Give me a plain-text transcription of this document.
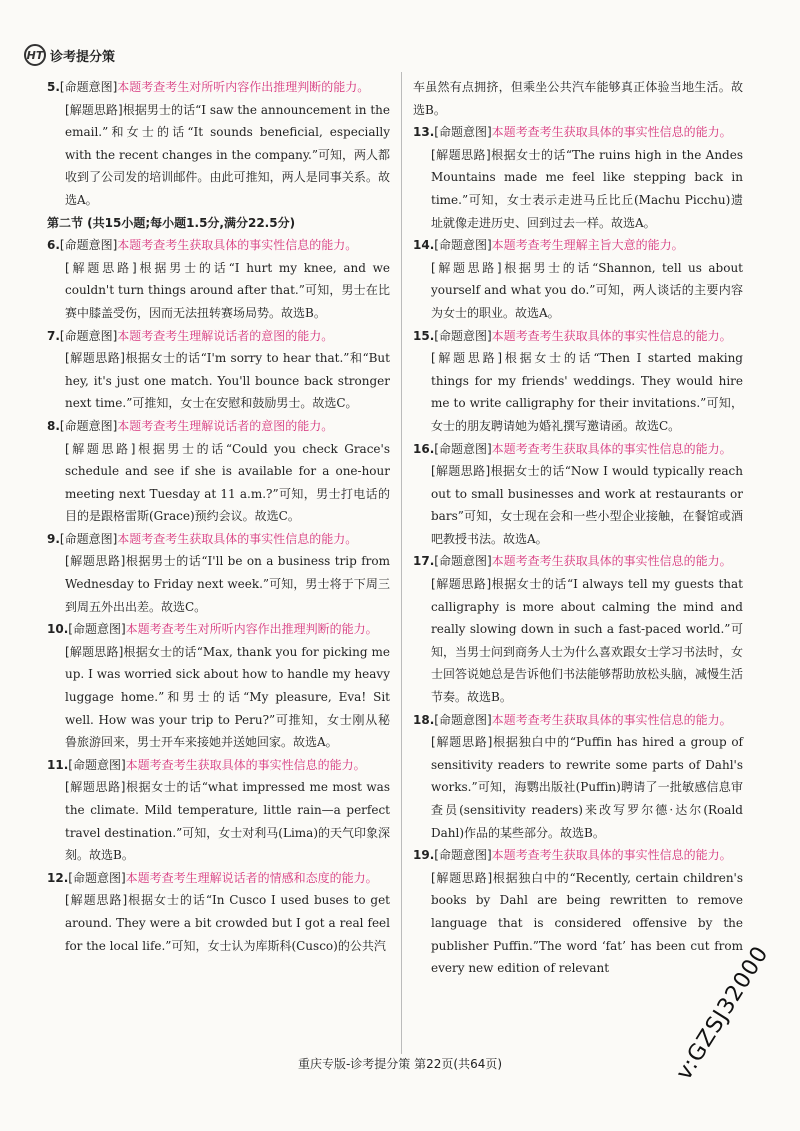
HT 诊考提分策

5.[命题意图]本题考查考生对所听内容作出推理判断的能力。

[解题思路]根据男士的话“I saw the announcement in the email.”和女士的话“It sounds beneficial, especially with the recent changes in the company.”可知，两人都收到了公司发的培训邮件。由此可推知，两人是同事关系。故选A。

第二节 (共15小题;每小题1.5分,满分22.5分)

6.[命题意图]本题考查考生获取具体的事实性信息的能力。

[解题思路]根据男士的话“I hurt my knee, and we couldn't turn things around after that.”可知，男士在比赛中膝盖受伤，因而无法扭转赛场局势。故选B。

7.[命题意图]本题考查考生理解说话者的意图的能力。

[解题思路]根据女士的话“I'm sorry to hear that.”和“But hey, it's just one match. You'll bounce back stronger next time.”可推知，女士在安慰和鼓励男士。故选C。

8.[命题意图]本题考查考生理解说话者的意图的能力。

[解题思路]根据男士的话“Could you check Grace's schedule and see if she is available for a one-hour meeting next Tuesday at 11 a.m.?”可知，男士打电话的目的是跟格雷斯(Grace)预约会议。故选C。

9.[命题意图]本题考查考生获取具体的事实性信息的能力。

[解题思路]根据男士的话“I'll be on a business trip from Wednesday to Friday next week.”可知，男士将于下周三到周五外出出差。故选C。

10.[命题意图]本题考查考生对所听内容作出推理判断的能力。

[解题思路]根据女士的话“Max, thank you for picking me up. I was worried sick about how to handle my heavy luggage home.”和男士的话“My pleasure, Eva! Sit well. How was your trip to Peru?”可推知，女士刚从秘鲁旅游回来，男士开车来接她并送她回家。故选A。

11.[命题意图]本题考查考生获取具体的事实性信息的能力。

[解题思路]根据女士的话“what impressed me most was the climate. Mild temperature, little rain—a perfect travel destination.”可知，女士对利马(Lima)的天气印象深刻。故选B。

12.[命题意图]本题考查考生理解说话者的情感和态度的能力。

[解题思路]根据女士的话“In Cusco I used buses to get around. They were a bit crowded but I got a real feel for the local life.”可知，女士认为库斯科(Cusco)的公共汽

车虽然有点拥挤，但乘坐公共汽车能够真正体验当地生活。故选B。

13.[命题意图]本题考查考生获取具体的事实性信息的能力。

[解题思路]根据女士的话“The ruins high in the Andes Mountains made me feel like stepping back in time.”可知，女士表示走进马丘比丘(Machu Picchu)遗址就像走进历史、回到过去一样。故选A。

14.[命题意图]本题考查考生理解主旨大意的能力。

[解题思路]根据男士的话“Shannon, tell us about yourself and what you do.”可知，两人谈话的主要内容为女士的职业。故选A。

15.[命题意图]本题考查考生获取具体的事实性信息的能力。

[解题思路]根据女士的话“Then I started making things for my friends' weddings. They would hire me to write calligraphy for their invitations.”可知，女士的朋友聘请她为婚礼撰写邀请函。故选C。

16.[命题意图]本题考查考生获取具体的事实性信息的能力。

[解题思路]根据女士的话“Now I would typically reach out to small businesses and work at restaurants or bars”可知，女士现在会和一些小型企业接触，在餐馆或酒吧教授书法。故选A。

17.[命题意图]本题考查考生获取具体的事实性信息的能力。

[解题思路]根据女士的话“I always tell my guests that calligraphy is more about calming the mind and really slowing down in such a fast-paced world.”可知，当男士问到商务人士为什么喜欢跟女士学习书法时，女士回答说她总是告诉他们书法能够帮助放松头脑，减慢生活节奏。故选B。

18.[命题意图]本题考查考生获取具体的事实性信息的能力。

[解题思路]根据独白中的“Puffin has hired a group of sensitivity readers to rewrite some parts of Dahl's works.”可知，海鹦出版社(Puffin)聘请了一批敏感信息审查员(sensitivity readers)来改写罗尔德·达尔(Roald Dahl)作品的某些部分。故选B。

19.[命题意图]本题考查考生获取具体的事实性信息的能力。

[解题思路]根据独白中的“Recently, certain children's books by Dahl are being rewritten to remove language that is considered offensive by the publisher Puffin.”The word ‘fat’ has been cut from every new edition of relevant

重庆专版-诊考提分策 第22页(共64页)	v:GZSJ32000
